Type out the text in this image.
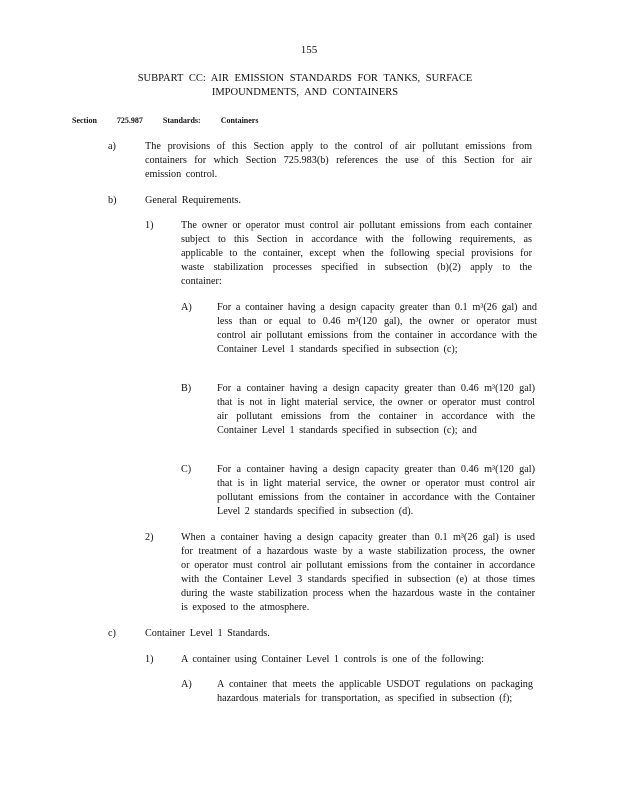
155
SUBPART CC: AIR EMISSION STANDARDS FOR TANKS, SURFACE IMPOUNDMENTS, AND CONTAINERS
Section	725.987	Standards:	Containers
a)	The provisions of this Section apply to the control of air pollutant emissions from containers for which Section 725.983(b) references the use of this Section for air emission control.
b)	General Requirements.
1)	The owner or operator must control air pollutant emissions from each container subject to this Section in accordance with the following requirements, as applicable to the container, except when the following special provisions for waste stabilization processes specified in subsection (b)(2) apply to the container:
A) For a container having a design capacity greater than 0.1 m³(26 gal) and less than or equal to 0.46 m³(120 gal), the owner or operator must control air pollutant emissions from the container in accordance with the Container Level 1 standards specified in subsection (c);
B)	For a container having a design capacity greater than 0.46 m³(120 gal) that is not in light material service, the owner or operator must control air pollutant emissions from the container in accordance with the Container Level 1 standards specified in subsection (c); and
C)	For a container having a design capacity greater than 0.46 m³(120 gal) that is in light material service, the owner or operator must control air pollutant emissions from the container in accordance with the Container Level 2 standards specified in subsection (d).
2)	When a container having a design capacity greater than 0.1 m³(26 gal) is used for treatment of a hazardous waste by a waste stabilization process, the owner or operator must control air pollutant emissions from the container in accordance with the Container Level 3 standards specified in subsection (e) at those times during the waste stabilization process when the hazardous waste in the container is exposed to the atmosphere.
c)	Container Level 1 Standards.
1)	A container using Container Level 1 controls is one of the following:
A) A container that meets the applicable USDOT regulations on packaging hazardous materials for transportation, as specified in subsection (f);
